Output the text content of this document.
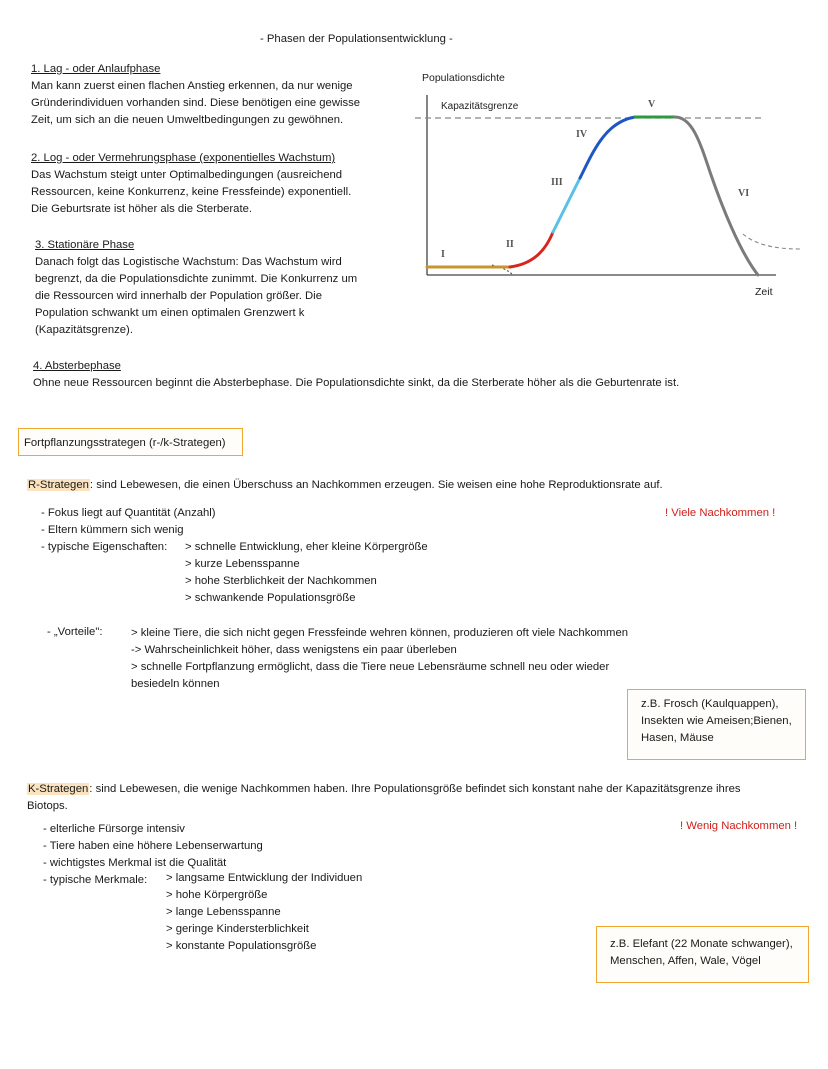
- Phasen der Populationsentwicklung -
1. Lag - oder Anlaufphase
Man kann zuerst einen flachen Anstieg erkennen, da nur wenige
Gründerindividuen vorhanden sind. Diese benötigen eine gewisse
Zeit, um sich an die neuen Umweltbedingungen zu gewöhnen.
2. Log - oder Vermehrungsphase (exponentielles Wachstum)
Das Wachstum steigt unter Optimalbedingungen (ausreichend
Ressourcen, keine Konkurrenz, keine Fressfeinde) exponentiell.
Die Geburtsrate ist höher als die Sterberate.
3. Stationäre Phase
Danach folgt das Logistische Wachstum: Das Wachstum wird
begrenzt, da die Populationsdichte zunimmt. Die Konkurrenz um
die Ressourcen wird innerhalb der Population größer. Die
Population schwankt um einen optimalen Grenzwert k
(Kapazitätsgrenze).
4. Absterbephase
Ohne neue Ressourcen beginnt die Absterbephase. Die Populationsdichte sinkt, da die Sterberate höher als die Geburtenrate ist.
Populationsdichte
Kapazitätsgrenze
Zeit
I
II
III
IV
V
VI
Fortpflanzungsstrategen (r-/k-Strategen)
R-Strategen: sind Lebewesen, die einen Überschuss an Nachkommen erzeugen. Sie weisen eine hohe Reproduktionsrate auf.
! Viele Nachkommen !
- Fokus liegt auf Quantität (Anzahl)
- Eltern kümmern sich wenig
- typische Eigenschaften:	> schnelle Entwicklung, eher kleine Körpergröße
> kurze Lebensspanne
> hohe Sterblichkeit der Nachkommen
> schwankende Populationsgröße
- „Vorteile":	> kleine Tiere, die sich nicht gegen Fressfeinde wehren können, produzieren oft viele Nachkommen
-> Wahrscheinlichkeit höher, dass wenigstens ein paar überleben
> schnelle Fortpflanzung ermöglicht, dass die Tiere neue Lebensräume schnell neu oder wieder
besiedeln können
z.B. Frosch (Kaulquappen),
Insekten wie Ameisen;Bienen,
Hasen, Mäuse
K-Strategen: sind Lebewesen, die wenige Nachkommen haben. Ihre Populationsgröße befindet sich konstant nahe der Kapazitätsgrenze ihres
Biotops.
! Wenig Nachkommen !
- elterliche Fürsorge intensiv
- Tiere haben eine höhere Lebenserwartung
- wichtigstes Merkmal ist die Qualität
- typische Merkmale:	> langsame Entwicklung der Individuen
> hohe Körpergröße
> lange Lebensspanne
> geringe Kindersterblichkeit
> konstante Populationsgröße	z.B. Elefant (22 Monate schwanger),
Menschen, Affen, Wale, Vögel
